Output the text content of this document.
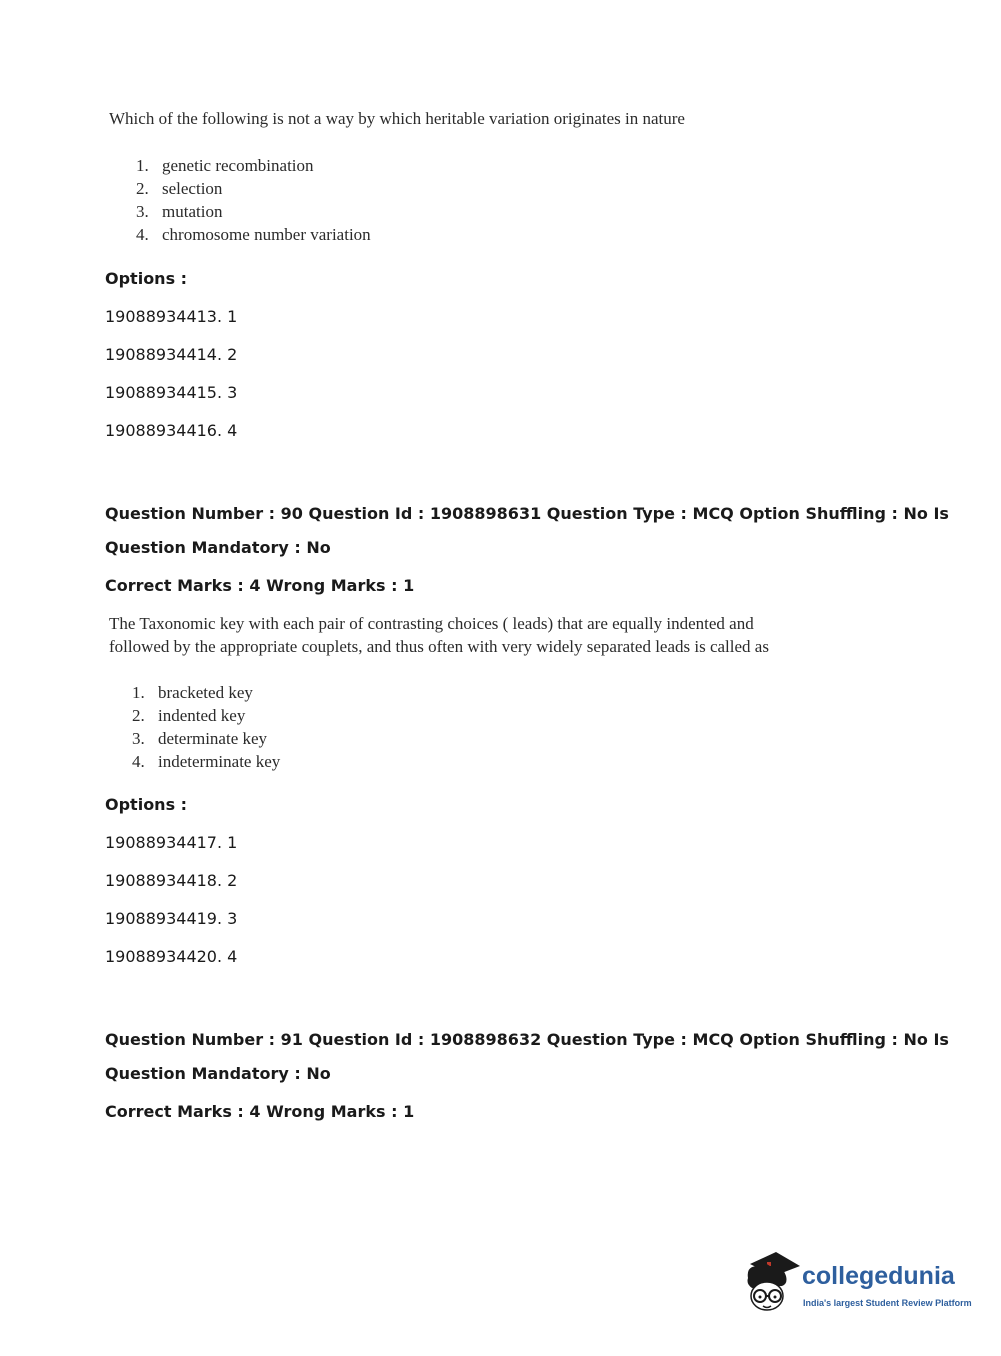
Which of the following is not a way by which heritable variation originates in nature
1. genetic recombination
2. selection
3. mutation
4. chromosome number variation
Options :
19088934413. 1
19088934414. 2
19088934415. 3
19088934416. 4
Question Number : 90 Question Id : 1908898631 Question Type : MCQ Option Shuffling : No Is
Question Mandatory : No
Correct Marks : 4 Wrong Marks : 1
The Taxonomic key with each pair of contrasting choices ( leads) that are equally indented and
followed by the appropriate couplets, and thus often with very widely separated leads is called as
1. bracketed key
2. indented key
3. determinate key
4. indeterminate key
Options :
19088934417. 1
19088934418. 2
19088934419. 3
19088934420. 4
Question Number : 91 Question Id : 1908898632 Question Type : MCQ Option Shuffling : No Is
Question Mandatory : No
Correct Marks : 4 Wrong Marks : 1
collegedunia
India's largest Student Review Platform
